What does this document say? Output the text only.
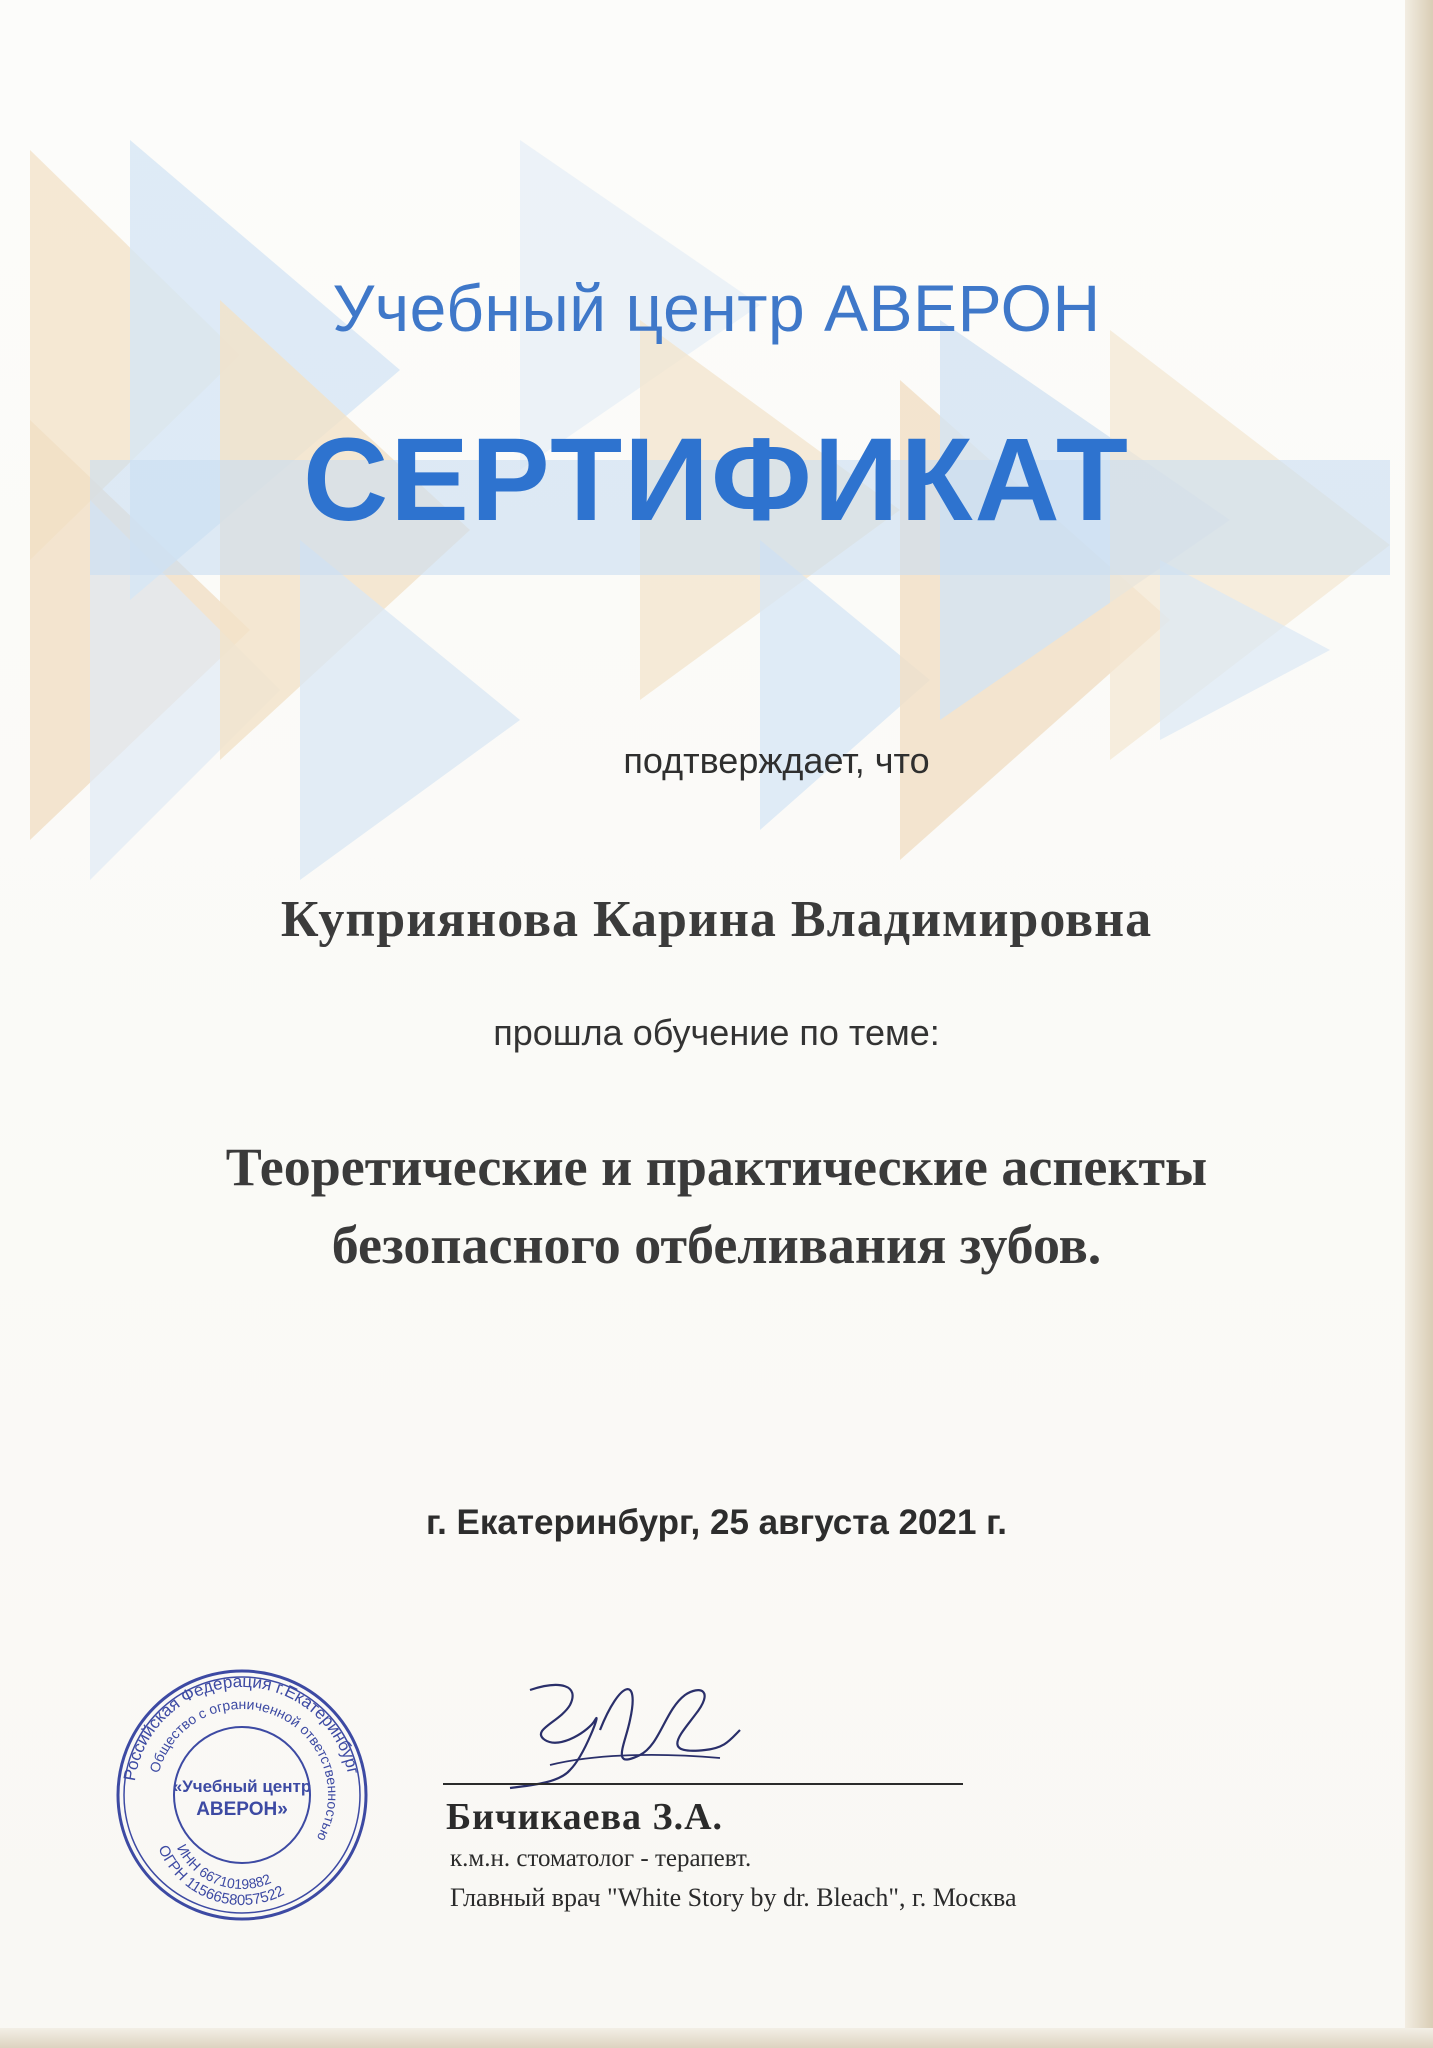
Учебный центр АВЕРОН
СЕРТИФИКАТ
подтверждает, что
Куприянова Карина Владимировна
прошла обучение по теме:
Теоретические и практические аспекты
безопасного отбеливания зубов.
г. Екатеринбург, 25 августа 2021 г.
Российская Федерация г.Екатеринбург
Общество с ограниченной ответственностью
ОГРН 1156658057522
ИНН 6671019882
«Учебный центр
АВЕРОН»	Бичикаева З.А.
к.м.н. стоматолог - терапевт.
Главный врач "White Story by dr. Bleach", г. Москва
